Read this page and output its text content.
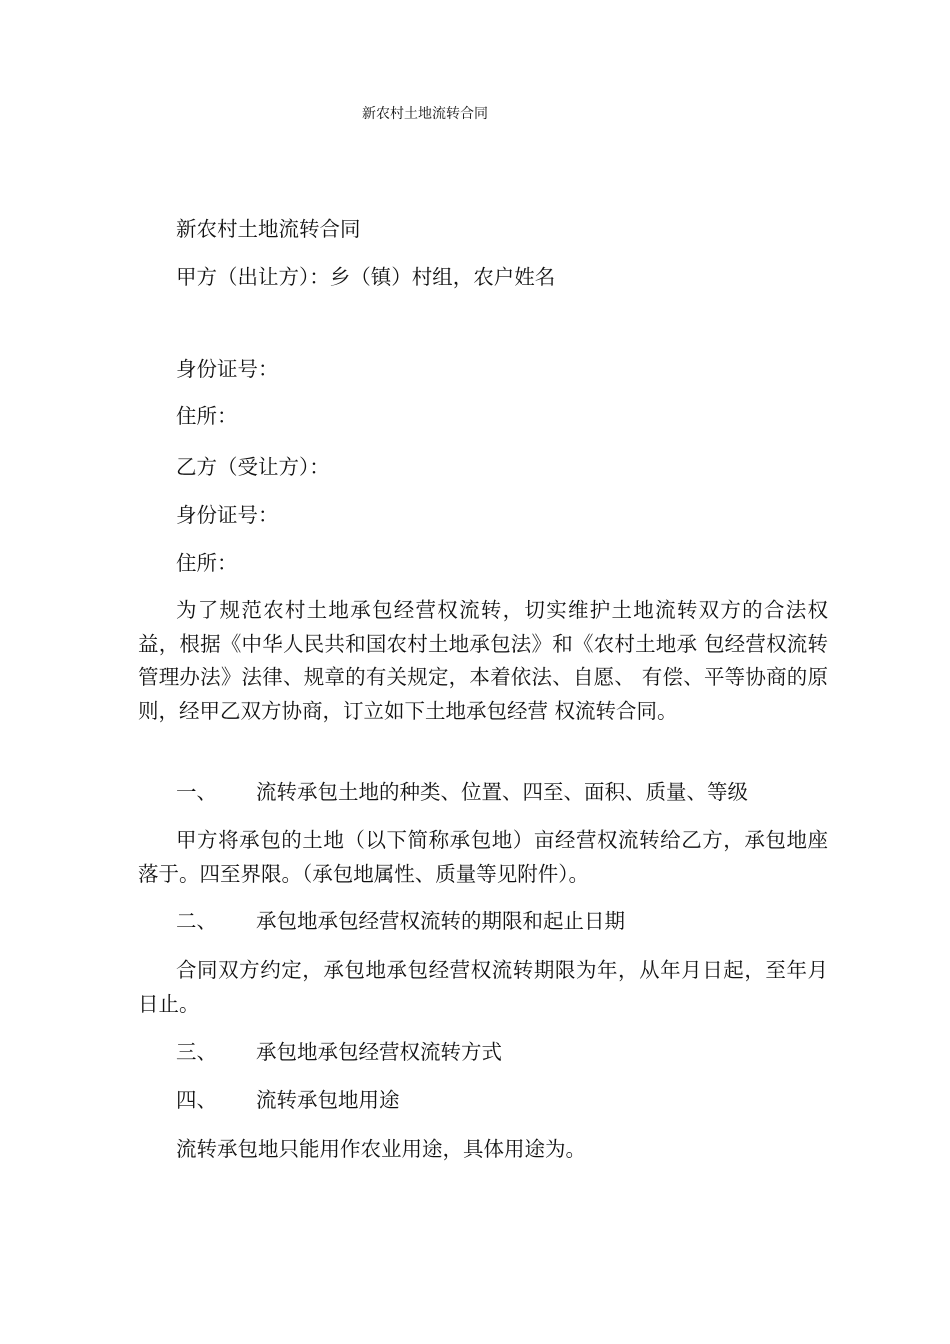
新农村土地流转合同
新农村土地流转合同
甲方（出让方）：乡（镇）村组，农户姓名
身份证号：
住所：
乙方（受让方）：
身份证号：
住所：
为了规范农村土地承包经营权流转，切实维护土地流转双方的合法权益，根据《中华人民共和国农村土地承包法》和《农村土地承 包经营权流转管理办法》法律、规章的有关规定，本着依法、自愿、 有偿、平等协商的原则，经甲乙双方协商，订立如下土地承包经营 权流转合同。
一、 流转承包土地的种类、位置、四至、面积、质量、等级
甲方将承包的土地（以下简称承包地）亩经营权流转给乙方，承包地座落于。四至界限。（承包地属性、质量等见附件）。
二、 承包地承包经营权流转的期限和起止日期
合同双方约定，承包地承包经营权流转期限为年，从年月日起，至年月日止。
三、 承包地承包经营权流转方式
四、 流转承包地用途
流转承包地只能用作农业用途，具体用途为。
